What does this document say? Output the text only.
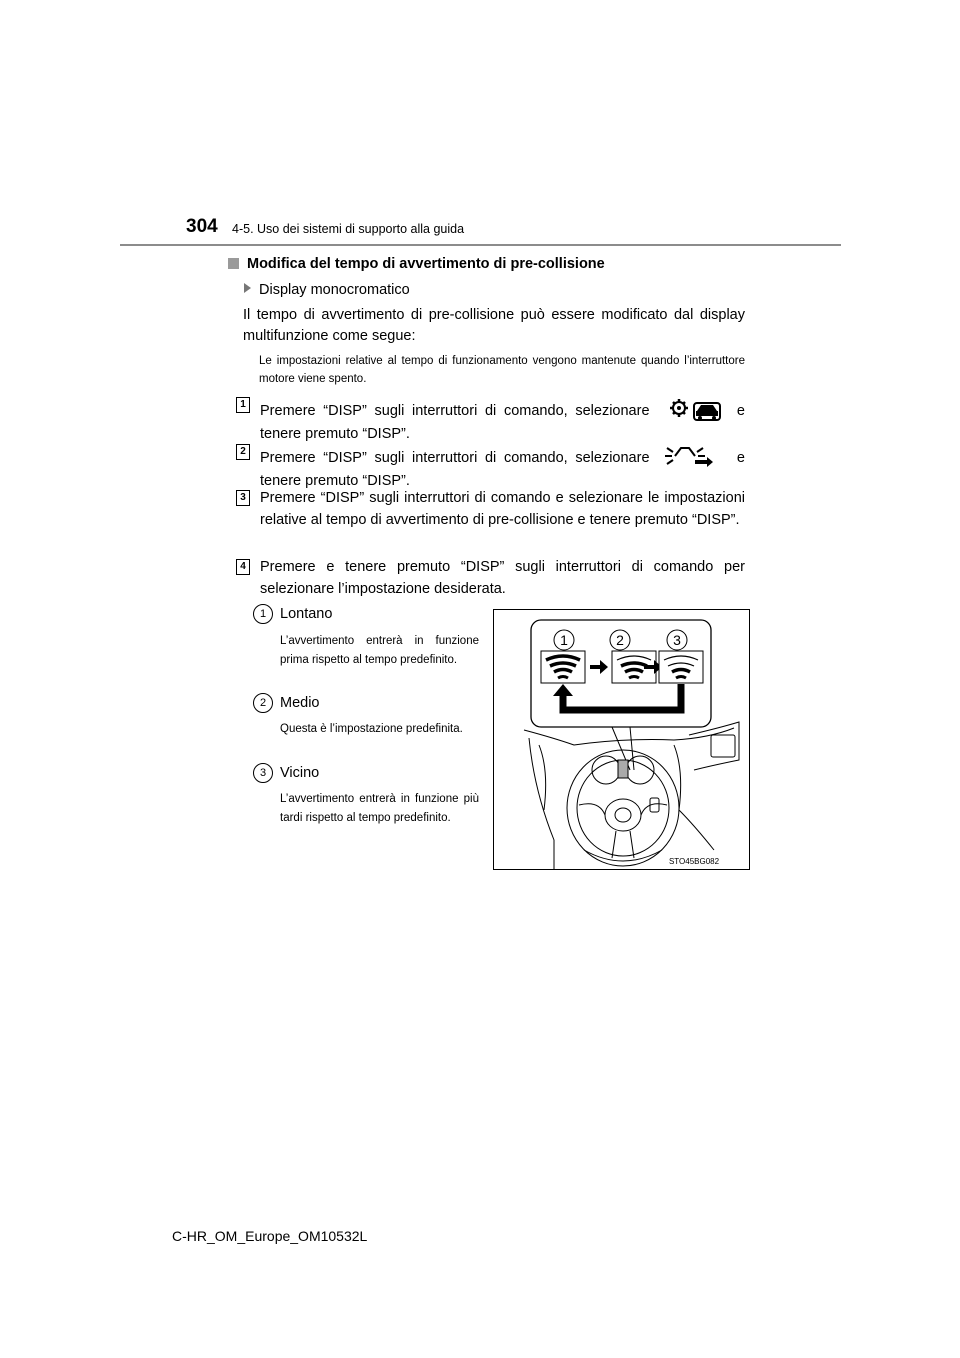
304 4-5. Uso dei sistemi di supporto alla guida
Modifica del tempo di avvertimento di pre-collisione
Display monocromatico
Il tempo di avvertimento di pre-collisione può essere modificato dal display multifunzione come segue:
Le impostazioni relative al tempo di funzionamento vengono mantenute quando l’interruttore motore viene spento.
1 Premere “DISP” sugli interruttori di comando, selezionare	e tenere premuto “DISP”.
2 Premere “DISP” sugli interruttori di comando, selezionare	e tenere premuto “DISP”.
3 Premere “DISP” sugli interruttori di comando e selezionare le impostazioni relative al tempo di avvertimento di pre-collisione e tenere premuto “DISP”.
4 Premere e tenere premuto “DISP” sugli interruttori di comando per selezionare l’impostazione desiderata.
1 Lontano
L’avvertimento entrerà in funzione prima rispetto al tempo predefinito.
2 Medio
Questa è l’impostazione predefinita.
3 Vicino
L’avvertimento entrerà in funzione più tardi rispetto al tempo predefinito.
1	2	3
STO45BG082
C-HR_OM_Europe_OM10532L
